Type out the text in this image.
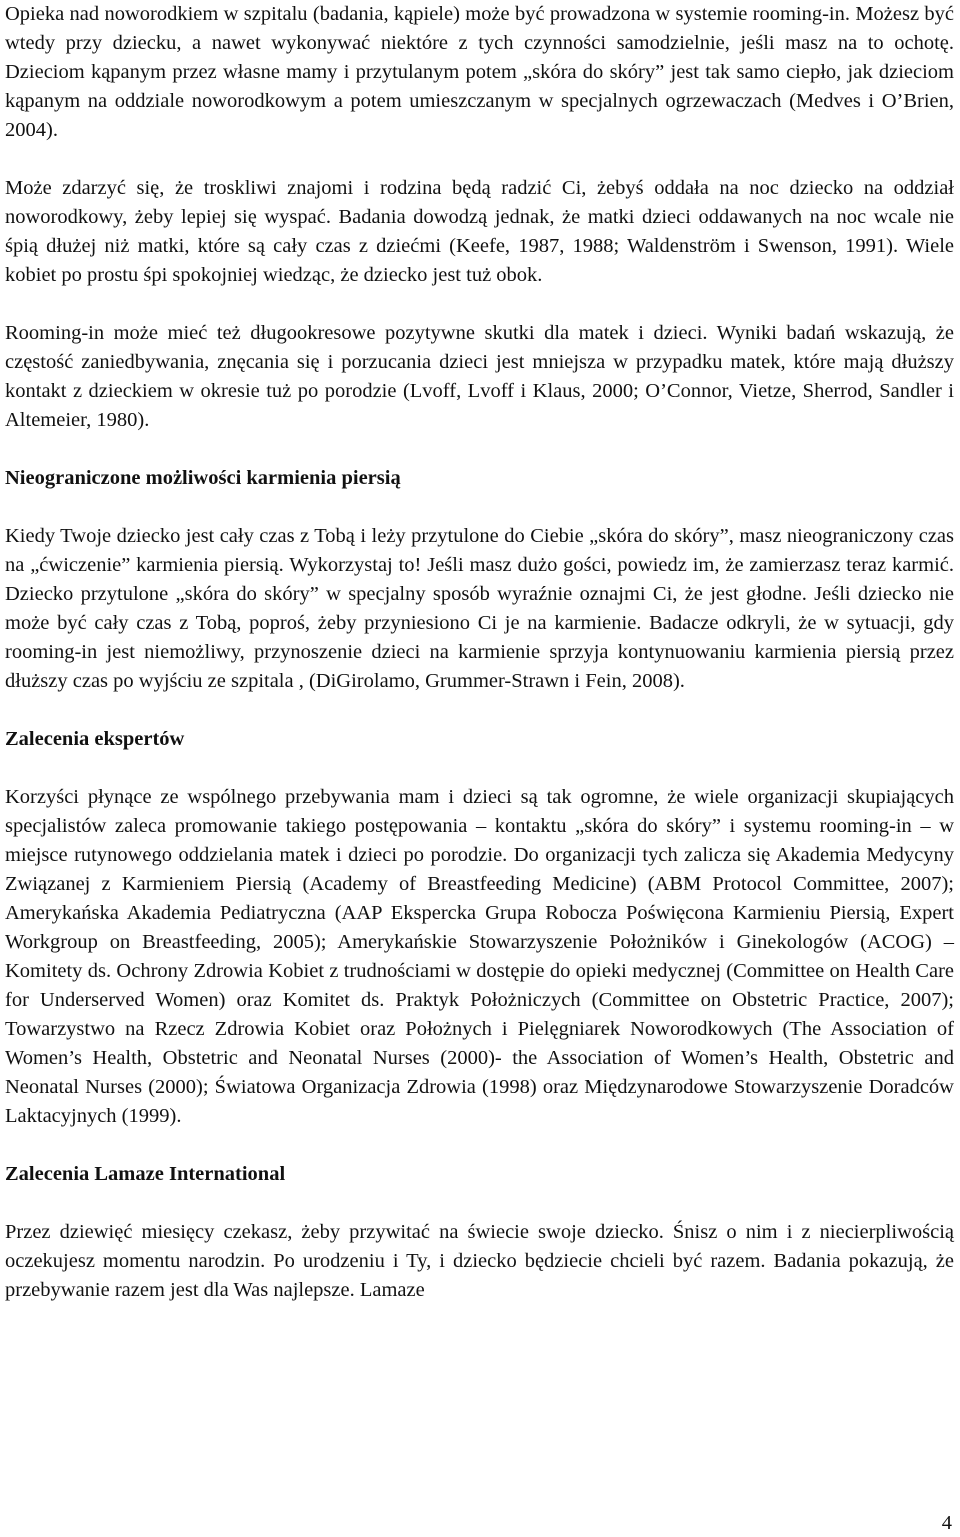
Opieka nad noworodkiem w szpitalu (badania, kąpiele) może być prowadzona w systemie rooming-in. Możesz być wtedy przy dziecku, a nawet wykonywać niektóre z tych czynności samodzielnie, jeśli masz na to ochotę. Dzieciom kąpanym przez własne mamy i przytulanym potem „skóra do skóry” jest tak samo ciepło, jak dzieciom kąpanym na oddziale noworodkowym a potem umieszczanym w specjalnych ogrzewaczach (Medves i O’Brien, 2004).

Może zdarzyć się, że troskliwi znajomi i rodzina będą radzić Ci, żebyś oddała na noc dziecko na oddział noworodkowy, żeby lepiej się wyspać. Badania dowodzą jednak, że matki dzieci oddawanych na noc wcale nie śpią dłużej niż matki, które są cały czas z dziećmi (Keefe, 1987, 1988; Waldenström i Swenson, 1991). Wiele kobiet po prostu śpi spokojniej wiedząc, że dziecko jest tuż obok.

Rooming-in może mieć też długookresowe pozytywne skutki dla matek i dzieci. Wyniki badań wskazują, że częstość zaniedbywania, znęcania się i porzucania dzieci jest mniejsza w przypadku matek, które mają dłuższy kontakt z dzieckiem w okresie tuż po porodzie (Lvoff, Lvoff i Klaus, 2000; O’Connor, Vietze, Sherrod, Sandler i Altemeier, 1980).

Nieograniczone możliwości karmienia piersią

Kiedy Twoje dziecko jest cały czas z Tobą i leży przytulone do Ciebie „skóra do skóry”, masz nieograniczony czas na „ćwiczenie” karmienia piersią. Wykorzystaj to! Jeśli masz dużo gości, powiedz im, że zamierzasz teraz karmić. Dziecko przytulone „skóra do skóry” w specjalny sposób wyraźnie oznajmi Ci, że jest głodne. Jeśli dziecko nie może być cały czas z Tobą, poproś, żeby przyniesiono Ci je na karmienie. Badacze odkryli, że w sytuacji, gdy rooming-in jest niemożliwy, przynoszenie dzieci na karmienie sprzyja kontynuowaniu karmienia piersią przez dłuższy czas po wyjściu ze szpitala , (DiGirolamo, Grummer-Strawn i Fein, 2008).

Zalecenia ekspertów

Korzyści płynące ze wspólnego przebywania mam i dzieci są tak ogromne, że wiele organizacji skupiających specjalistów zaleca promowanie takiego postępowania – kontaktu „skóra do skóry” i systemu rooming-in – w miejsce rutynowego oddzielania matek i dzieci po porodzie. Do organizacji tych zalicza się Akademia Medycyny Związanej z Karmieniem Piersią (Academy of Breastfeeding Medicine) (ABM Protocol Committee, 2007); Amerykańska Akademia Pediatryczna (AAP Eksperckа Grupa Robocza Poświęcona Karmieniu Piersią, Expert Workgroup on Breastfeeding, 2005); Amerykańskie Stowarzyszenie Położników i Ginekologów (ACOG) – Komitety ds. Ochrony Zdrowia Kobiet z trudnościami w dostępie do opieki medycznej (Committee on Health Care for Underserved Women) oraz Komitet ds. Praktyk Położniczych (Committee on Obstetric Practice, 2007); Towarzystwo na Rzecz Zdrowia Kobiet oraz Położnych i Pielęgniarek Noworodkowych (The Association of Women’s Health, Obstetric and Neonatal Nurses (2000)- the Association of Women’s Health, Obstetric and Neonatal Nurses (2000); Światowa Organizacja Zdrowia (1998) oraz Międzynarodowe Stowarzyszenie Doradców Laktacyjnych (1999).

Zalecenia Lamaze International

Przez dziewięć miesięcy czekasz, żeby przywitać na świecie swoje dziecko. Śnisz o nim i z niecierpliwością oczekujesz momentu narodzin. Po urodzeniu i Ty, i dziecko będziecie chcieli być razem. Badania pokazują, że przebywanie razem jest dla Was najlepsze. Lamaze

4
